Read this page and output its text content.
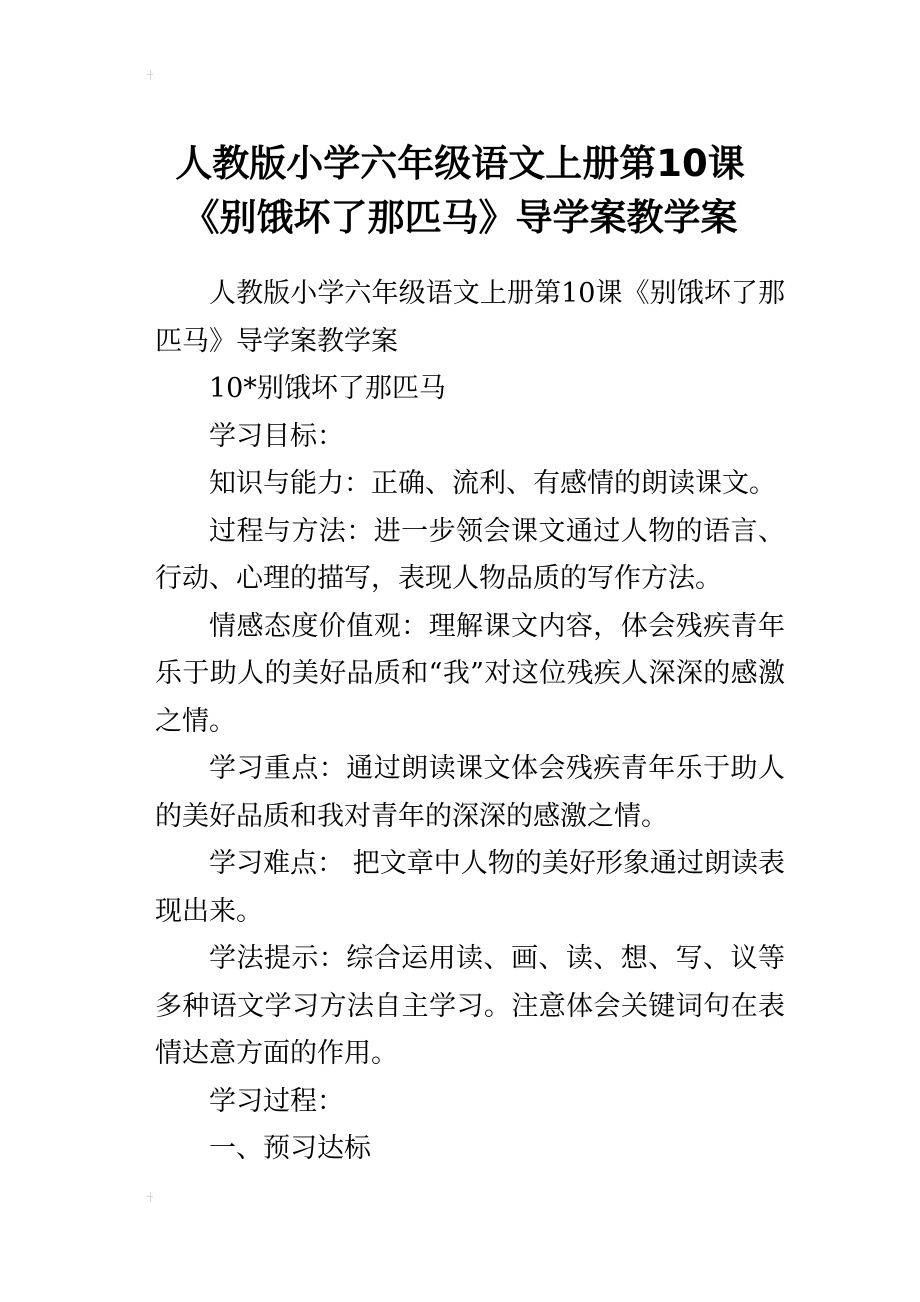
人教版小学六年级语文上册第10课
《别饿坏了那匹马》导学案教学案

人教版小学六年级语文上册第10课《别饿坏了那匹马》导学案教学案

10*别饿坏了那匹马

学习目标：

知识与能力：正确、流利、有感情的朗读课文。

过程与方法：进一步领会课文通过人物的语言、行动、心理的描写，表现人物品质的写作方法。

情感态度价值观：理解课文内容，体会残疾青年乐于助人的美好品质和“我”对这位残疾人深深的感激之情。

学习重点：通过朗读课文体会残疾青年乐于助人的美好品质和我对青年的深深的感激之情。

学习难点： 把文章中人物的美好形象通过朗读表现出来。

学法提示：综合运用读、画、读、想、写、议等多种语文学习方法自主学习。注意体会关键词句在表情达意方面的作用。

学习过程：

一、预习达标
